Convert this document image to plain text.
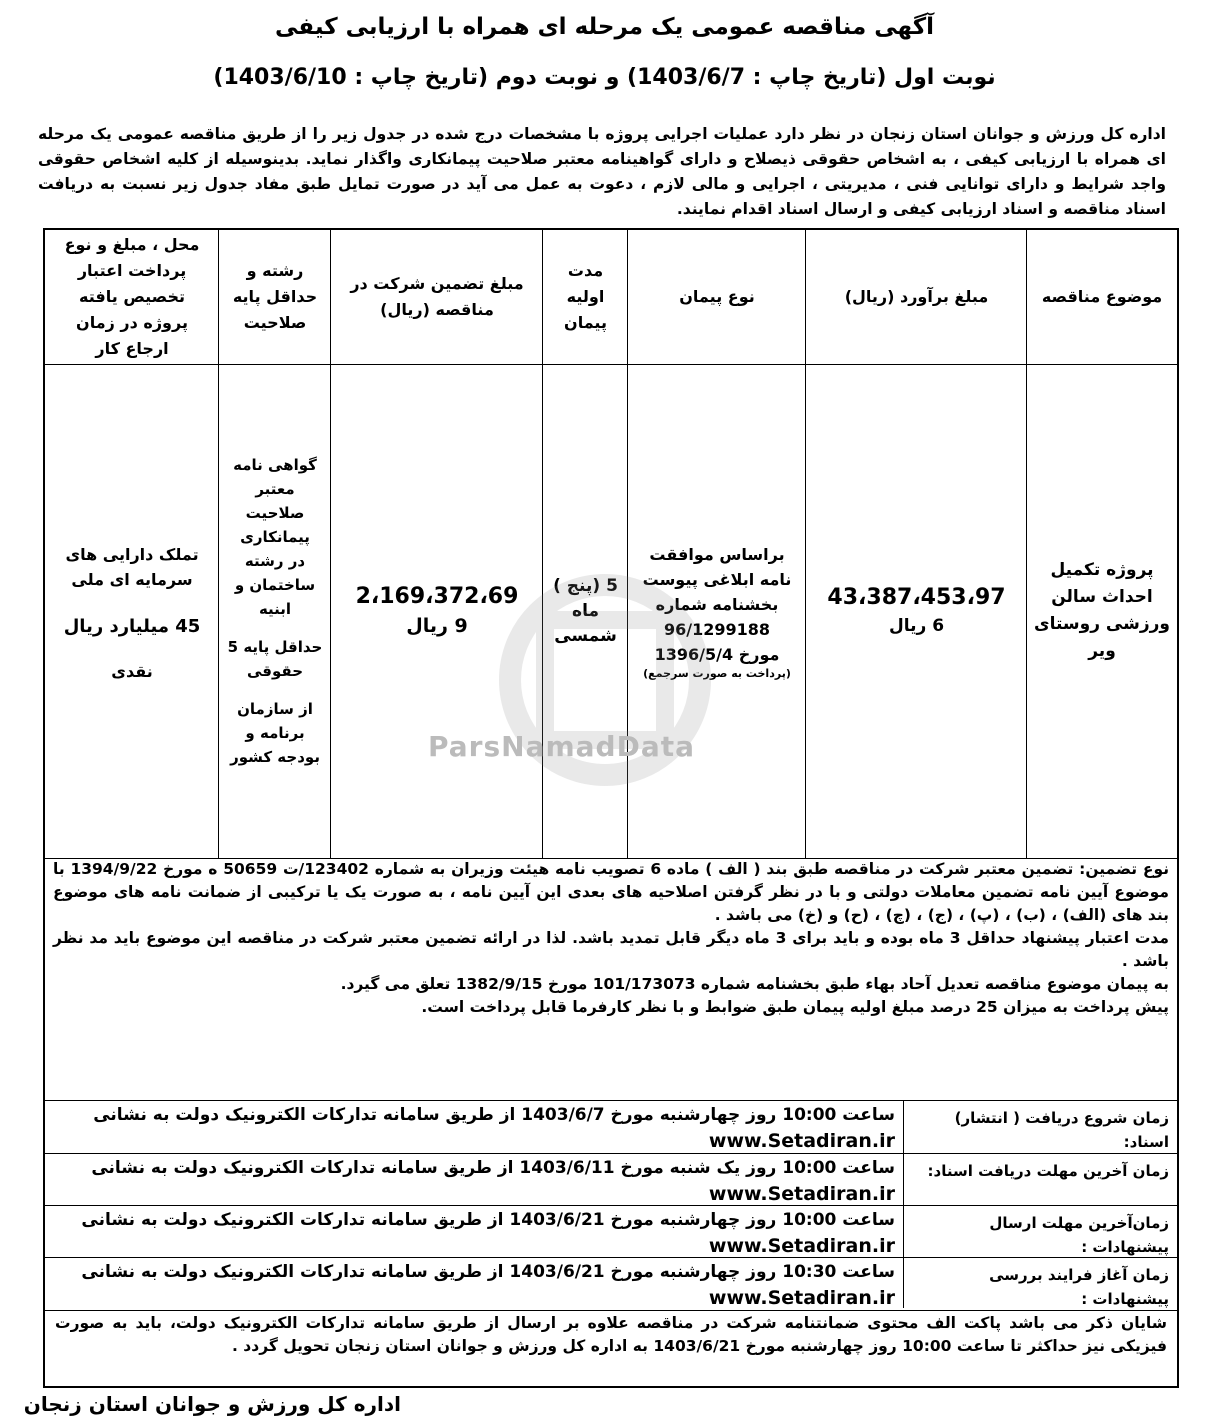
آگهی مناقصه عمومی یک مرحله ای همراه با ارزیابی کیفی
نوبت اول (تاریخ چاپ : 1403/6/7) و نوبت دوم (تاریخ چاپ : 1403/6/10)
اداره کل ورزش و جوانان استان زنجان در نظر دارد عملیات اجرایی پروژه با مشخصات درج شده در جدول زیر را از طریق مناقصه عمومی یک مرحله ای همراه با ارزیابی کیفی ، به اشخاص حقوقی ذیصلاح و دارای گواهینامه معتبر صلاحیت پیمانکاری واگذار نماید. بدینوسیله از کلیه اشخاص حقوقی واجد شرایط و دارای توانایی فنی ، مدیریتی ، اجرایی و مالی لازم ، دعوت به عمل می آید در صورت تمایل طبق مفاد جدول زیر نسبت به دریافت اسناد مناقصه و اسناد ارزیابی کیفی و ارسال اسناد اقدام نمایند.
موضوع مناقصه
مبلغ برآورد (ریال)
نوع پیمان
مدت
اولیه
پیمان
مبلغ تضمین شرکت در
مناقصه (ریال)
رشته و
حداقل پایه
صلاحیت
محل ، مبلغ و نوع
پرداخت اعتبار
تخصیص یافته
پروژه در زمان
ارجاع کار
پروژه تکمیل
احداث سالن
ورزشی روستای
ویر
43،387،453،97
6 ریال
براساس موافقت
نامه ابلاغی پیوست
بخشنامه شماره
96/1299188
مورخ 1396/5/4
(پرداخت به صورت سرجمع)
5 (پنج )
ماه
شمسی
2،169،372،69
9 ریال
گواهی نامه
معتبر
صلاحیت
پیمانکاری
در رشته
ساختمان و
ابنیه
حداقل پایه 5
حقوقی
از سازمان
برنامه و
بودجه کشور
تملک دارایی های
سرمایه ای ملی
45 میلیارد ریال
نقدی

نوع تضمین: تضمین معتبر شرکت در مناقصه طبق بند ( الف ) ماده 6 تصویب نامه هیئت وزیران به شماره 123402/ت 50659 ه مورخ 1394/9/22 با موضوع آیین نامه تضمین معاملات دولتی و با در نظر گرفتن اصلاحیه های بعدی این آیین نامه ، به صورت یک یا ترکیبی از ضمانت نامه های موضوع بند های (الف) ، (ب) ، (پ) ، (ج) ، (چ) ، (ح) و (خ) می باشد .

مدت اعتبار پیشنهاد حداقل 3 ماه بوده و باید برای 3 ماه دیگر قابل تمدید باشد. لذا در ارائه تضمین معتبر شرکت در مناقصه این موضوع باید مد نظر باشد .

به پیمان موضوع مناقصه تعدیل آحاد بهاء طبق بخشنامه شماره 101/173073 مورخ 1382/9/15 تعلق می گیرد.

پیش پرداخت به میزان 25 درصد مبلغ اولیه پیمان طبق ضوابط و با نظر کارفرما قابل پرداخت است.

زمان شروع دریافت ( انتشار) اسناد:
ساعت 10:00 روز چهارشنبه مورخ 1403/6/7 از طریق سامانه تدارکات الکترونیک دولت به نشانی
www.Setadiran.ir
زمان آخرین مهلت دریافت اسناد:
ساعت 10:00 روز یک شنبه مورخ 1403/6/11 از طریق سامانه تدارکات الکترونیک دولت به نشانی
www.Setadiran.ir
زمان‌آخرین مهلت ارسال پیشنهادات :
ساعت 10:00 روز چهارشنبه مورخ 1403/6/21 از طریق سامانه تدارکات الکترونیک دولت به نشانی
www.Setadiran.ir
زمان آغاز فرایند بررسی پیشنهادات :
ساعت 10:30 روز چهارشنبه مورخ 1403/6/21 از طریق سامانه تدارکات الکترونیک دولت به نشانی
www.Setadiran.ir
شایان ذکر می باشد پاکت الف محتوی ضمانتنامه شرکت در مناقصه علاوه بر ارسال از طریق سامانه تدارکات الکترونیک دولت، باید به صورت فیزیکی نیز حداکثر تا ساعت 10:00 روز چهارشنبه مورخ 1403/6/21 به اداره کل ورزش و جوانان استان زنجان تحویل گردد .
اداره کل ورزش و جوانان استان زنجان
ParsNamadData
